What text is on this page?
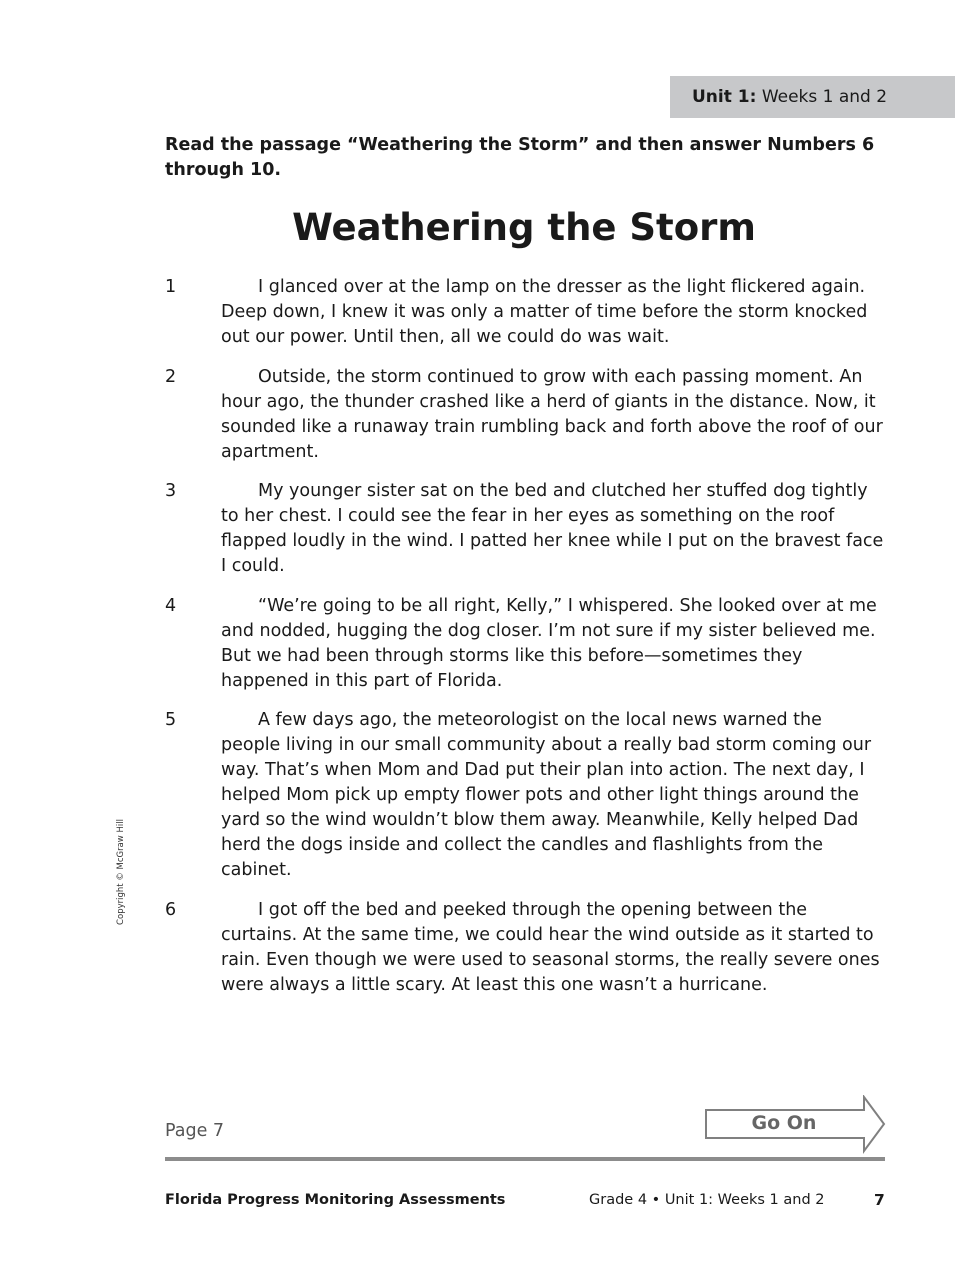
Unit 1: Weeks 1 and 2
Read the passage “Weathering the Storm” and then answer Numbers 6 through 10.
Weathering the Storm
1	I glanced over at the lamp on the dresser as the light flickered again. Deep down, I knew it was only a matter of time before the storm knocked out our power. Until then, all we could do was wait.
2	Outside, the storm continued to grow with each passing moment. An hour ago, the thunder crashed like a herd of giants in the distance. Now, it sounded like a runaway train rumbling back and forth above the roof of our apartment.
3	My younger sister sat on the bed and clutched her stuffed dog tightly to her chest. I could see the fear in her eyes as something on the roof flapped loudly in the wind. I patted her knee while I put on the bravest face I could.
4	“We’re going to be all right, Kelly,” I whispered. She looked over at me and nodded, hugging the dog closer. I’m not sure if my sister believed me. But we had been through storms like this before—sometimes they happened in this part of Florida.
5	A few days ago, the meteorologist on the local news warned the people living in our small community about a really bad storm coming our way. That’s when Mom and Dad put their plan into action. The next day, I helped Mom pick up empty flower pots and other light things around the yard so the wind wouldn’t blow them away. Meanwhile, Kelly helped Dad herd the dogs inside and collect the candles and flashlights from the cabinet.
6	I got off the bed and peeked through the opening between the curtains. At the same time, we could hear the wind outside as it started to rain. Even though we were used to seasonal storms, the really severe ones were always a little scary. At least this one wasn’t a hurricane.
Copyright © McGraw Hill
Page 7	Go On
Florida Progress Monitoring Assessments	Grade 4 • Unit 1: Weeks 1 and 2	7
